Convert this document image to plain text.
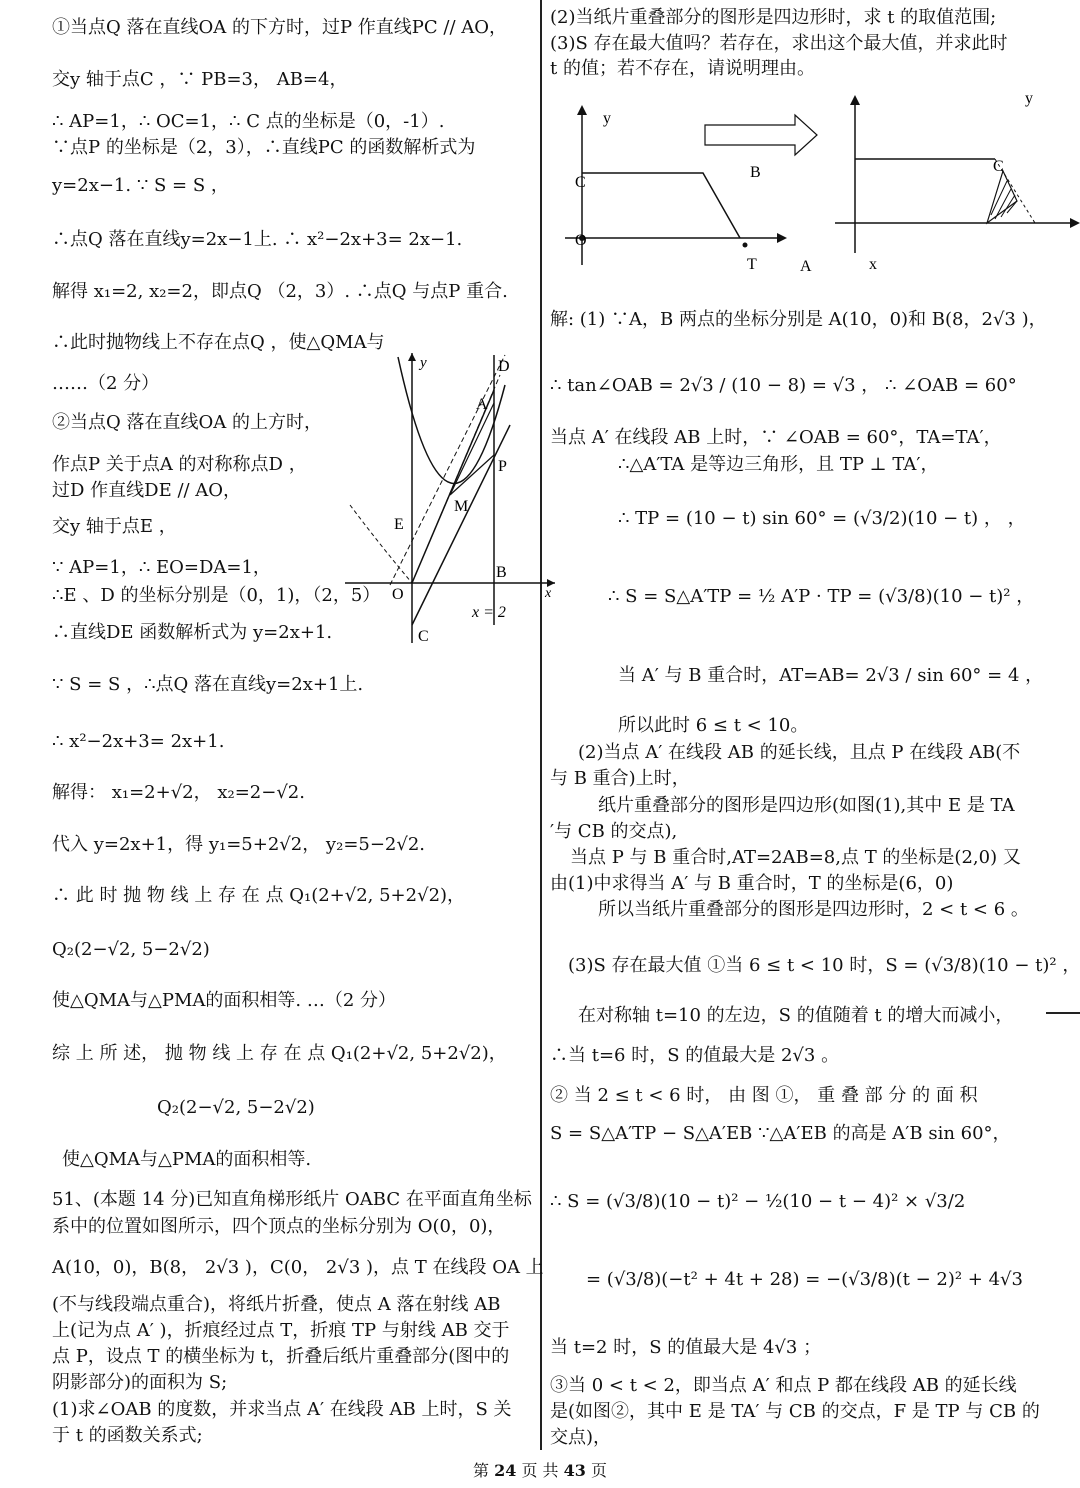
①当点Q 落在直线OA 的下方时，过P 作直线PC // AO，
交y 轴于点C ，∵ PB=3， AB=4，
∴ AP=1，∴ OC=1，∴ C 点的坐标是（0，-1）.
∵点P 的坐标是（2，3），∴直线PC 的函数解析式为
y=2x−1. ∵ S = S ，
∴点Q 落在直线y=2x−1上. ∴ x²−2x+3= 2x−1.
解得 x₁=2, x₂=2，即点Q （2，3）. ∴点Q 与点P 重合.
∴此时抛物线上不存在点Q ，使△QMA与
……（2 分）
②当点Q 落在直线OA 的上方时，
作点P 关于点A 的对称称点D ，
过D 作直线DE // AO，
交y 轴于点E ，
∵ AP=1，∴ EO=DA=1，
∴E 、D 的坐标分别是（0，1)，（2，5）
∴直线DE 函数解析式为 y=2x+1.
∵ S = S ，∴点Q 落在直线y=2x+1上.
∴ x²−2x+3= 2x+1.
解得： x₁=2+√2， x₂=2−√2.
代入 y=2x+1，得 y₁=5+2√2， y₂=5−2√2.
∴ 此 时 抛 物 线 上 存 在 点 Q₁(2+√2, 5+2√2)，
Q₂(2−√2, 5−2√2)
使△QMA与△PMA的面积相等. …（2 分）
综 上 所 述， 抛 物 线 上 存 在 点 Q₁(2+√2, 5+2√2)，
Q₂(2−√2, 5−2√2)
使△QMA与△PMA的面积相等.
51、(本题 14 分)已知直角梯形纸片 OABC 在平面直角坐标
系中的位置如图所示，四个顶点的坐标分别为 O(0，0)，
A(10，0)，B(8， 2√3 )，C(0， 2√3 )，点 T 在线段 OA 上
(不与线段端点重合)，将纸片折叠，使点 A 落在射线 AB
上(记为点 A′ )，折痕经过点 T，折痕 TP 与射线 AB 交于
点 P，设点 T 的横坐标为 t，折叠后纸片重叠部分(图中的
阴影部分)的面积为 S;
(1)求∠OAB 的度数，并求当点 A′ 在线段 AB 上时，S 关
于 t 的函数关系式;
y
x
D
A
P
M
E
B
O
C
x = 2
(2)当纸片重叠部分的图形是四边形时，求 t 的取值范围;
(3)S 存在最大值吗？若存在，求出这个最大值，并求此时
t 的值；若不存在，请说明理由。
解: (1) ∵A，B 两点的坐标分别是 A(10，0)和 B(8，2√3 )，
∴ tan∠OAB = 2√3 / (10 − 8) = √3 ， ∴ ∠OAB = 60°
当点 A′ 在线段 AB 上时，∵ ∠OAB = 60°，TA=TA′，
∴△A′TA 是等边三角形，且 TP ⊥ TA′，
∴ TP = (10 − t) sin 60° = (√3/2)(10 − t) ， ，
∴ S = S△A′TP = ½ A′P · TP = (√3/8)(10 − t)² ，
当 A′ 与 B 重合时，AT=AB= 2√3 / sin 60° = 4 ，
所以此时 6 ≤ t < 10。
(2)当点 A′ 在线段 AB 的延长线，且点 P 在线段 AB(不
与 B 重合)上时，
纸片重叠部分的图形是四边形(如图(1),其中 E 是 TA
′与 CB 的交点),
当点 P 与 B 重合时,AT=2AB=8,点 T 的坐标是(2,0) 又
由(1)中求得当 A′ 与 B 重合时，T 的坐标是(6，0)
所以当纸片重叠部分的图形是四边形时，2 < t < 6 。
(3)S 存在最大值 ①当 6 ≤ t < 10 时，S = (√3/8)(10 − t)² ，
在对称轴 t=10 的左边，S 的值随着 t 的增大而减小，
∴当 t=6 时，S 的值最大是 2√3 。
② 当 2 ≤ t < 6 时， 由 图 ①， 重 叠 部 分 的 面 积
S = S△A′TP − S△A′EB ∵△A′EB 的高是 A′B sin 60°，
∴ S = (√3/8)(10 − t)² − ½(10 − t − 4)² × √3/2
= (√3/8)(−t² + 4t + 28) = −(√3/8)(t − 2)² + 4√3
当 t=2 时，S 的值最大是 4√3 ；
③当 0 < t < 2，即当点 A′ 和点 P 都在线段 AB 的延长线
是(如图②，其中 E 是 TA′ 与 CB 的交点，F 是 TP 与 CB 的
交点)，
y
C
B
O
T	A
y
C
x
第 24 页 共 43 页
